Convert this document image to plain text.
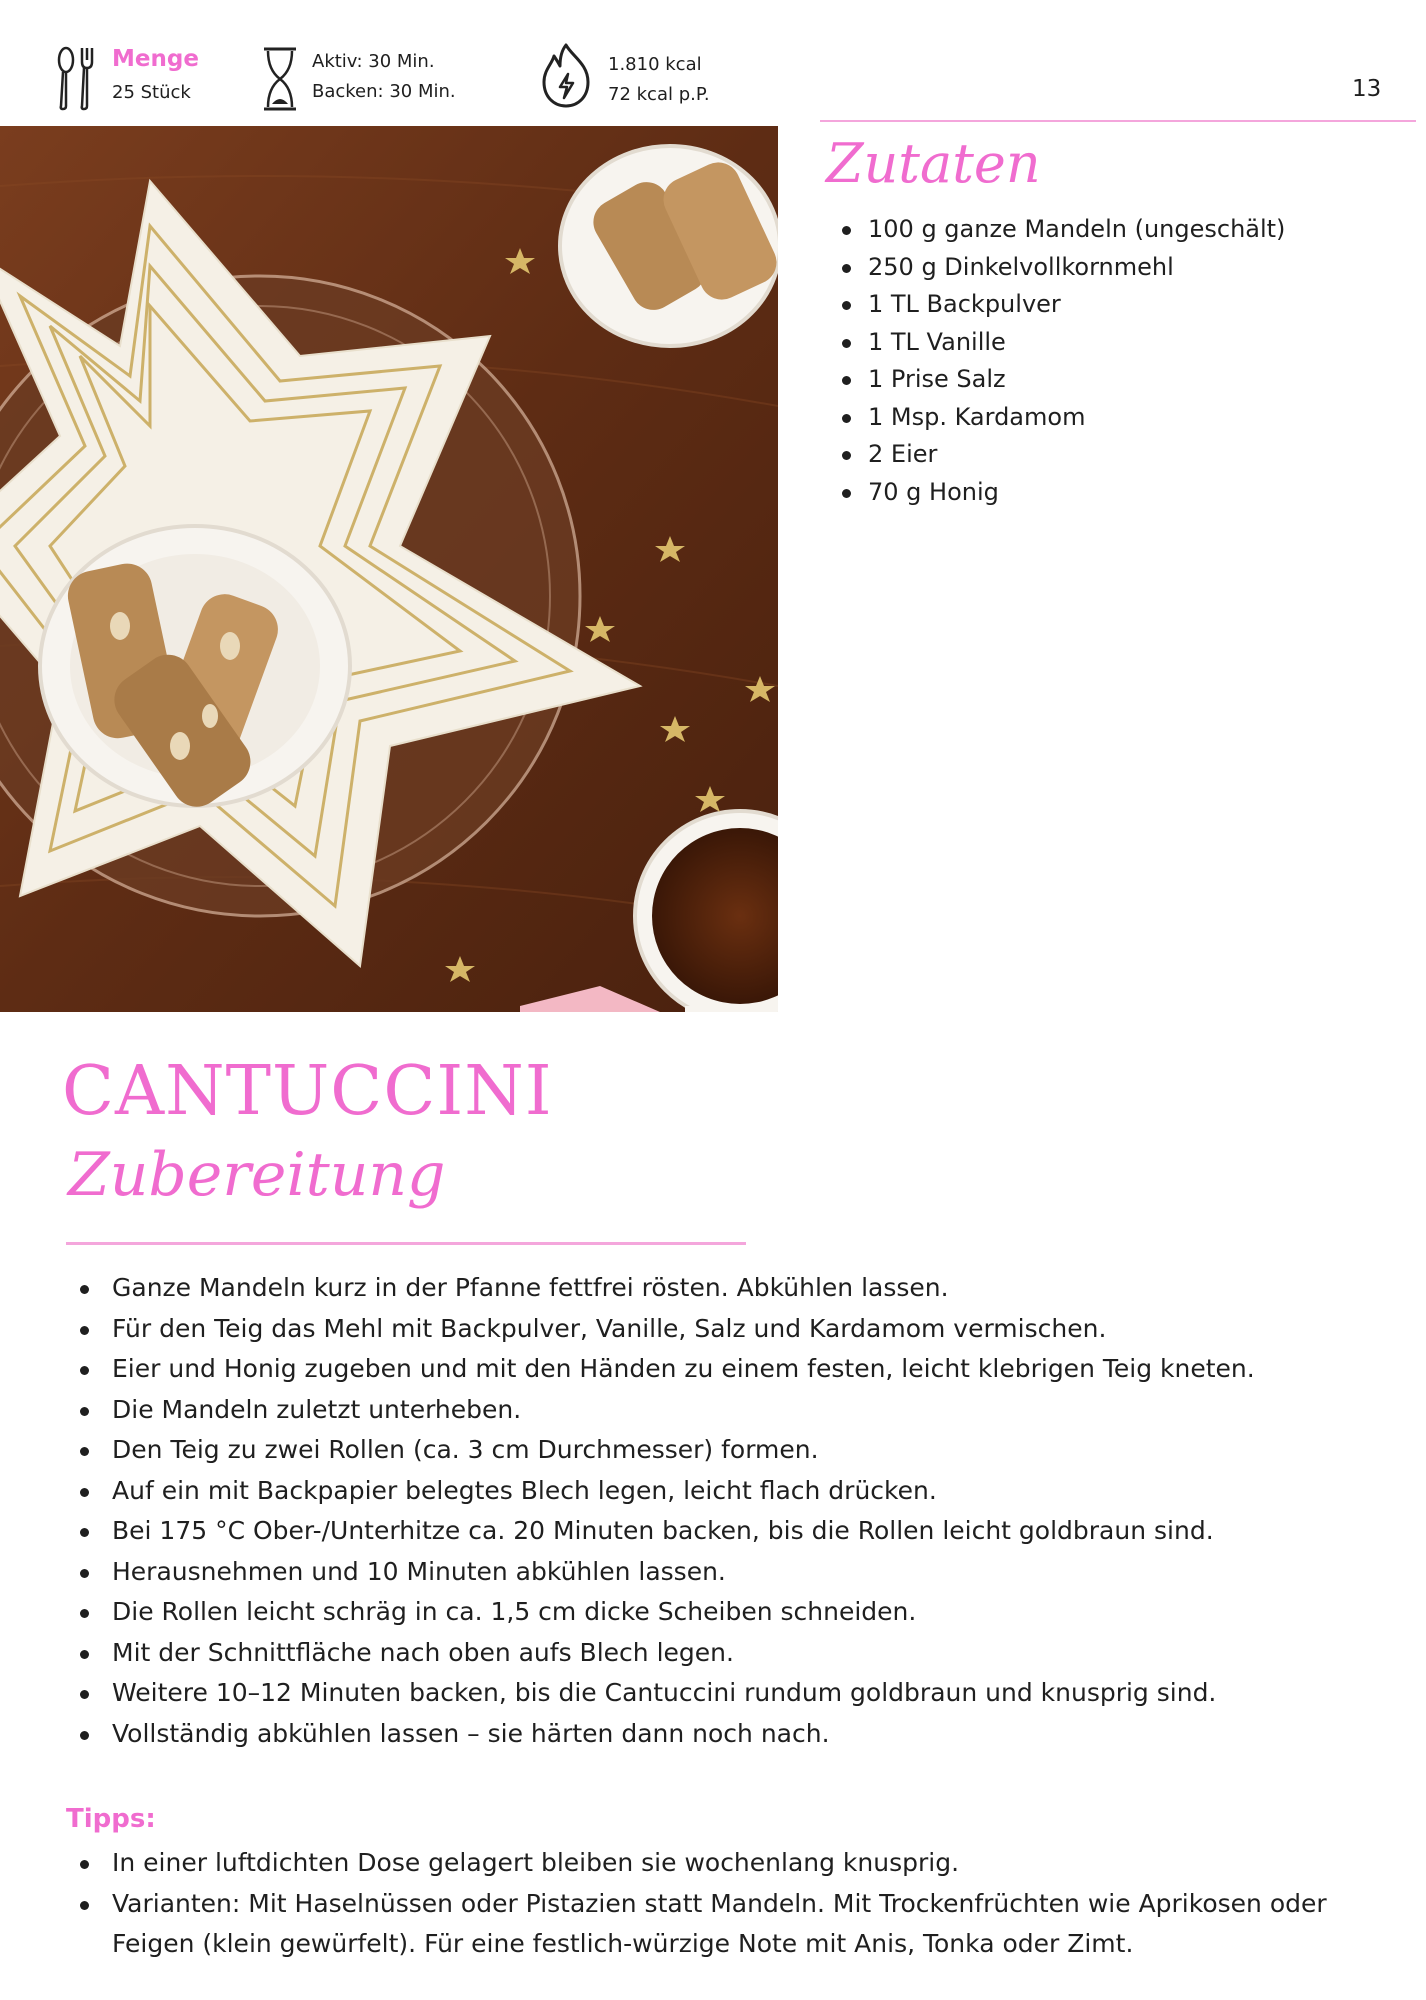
Menge
25 Stück
Aktiv: 30 Min.
Backen: 30 Min.
1.810 kcal
72 kcal p.P.	13
Zutaten
100 g ganze Mandeln (ungeschält)
250 g Dinkelvollkornmehl
1 TL Backpulver
1 TL Vanille
1 Prise Salz
1 Msp. Kardamom
2 Eier
70 g Honig
CANTUCCINI
Zubereitung
Ganze Mandeln kurz in der Pfanne fettfrei rösten. Abkühlen lassen.
Für den Teig das Mehl mit Backpulver, Vanille, Salz und Kardamom vermischen.
Eier und Honig zugeben und mit den Händen zu einem festen, leicht klebrigen Teig kneten.
Die Mandeln zuletzt unterheben.
Den Teig zu zwei Rollen (ca. 3 cm Durchmesser) formen.
Auf ein mit Backpapier belegtes Blech legen, leicht flach drücken.
Bei 175 °C Ober-/Unterhitze ca. 20 Minuten backen, bis die Rollen leicht goldbraun sind.
Herausnehmen und 10 Minuten abkühlen lassen.
Die Rollen leicht schräg in ca. 1,5 cm dicke Scheiben schneiden.
Mit der Schnittfläche nach oben aufs Blech legen.
Weitere 10–12 Minuten backen, bis die Cantuccini rundum goldbraun und knusprig sind.
Vollständig abkühlen lassen – sie härten dann noch nach.
Tipps:
In einer luftdichten Dose gelagert bleiben sie wochenlang knusprig.
Varianten: Mit Haselnüssen oder Pistazien statt Mandeln. Mit Trockenfrüchten wie Aprikosen oder Feigen (klein gewürfelt). Für eine festlich-würzige Note mit Anis, Tonka oder Zimt.
